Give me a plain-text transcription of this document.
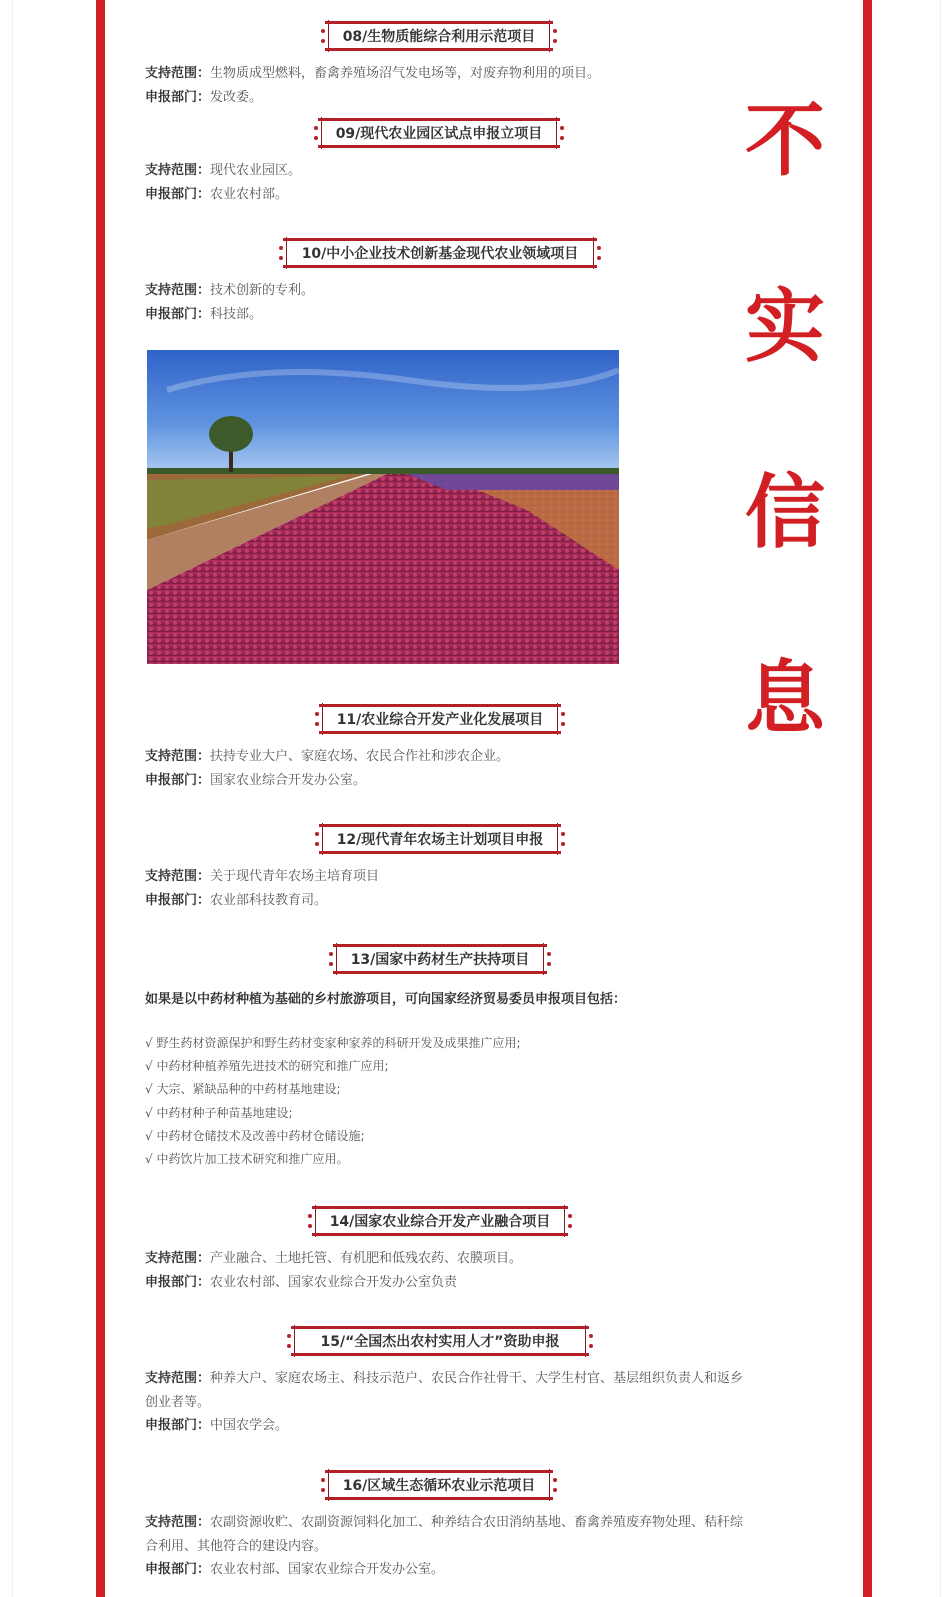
不
实
信
息
08/生物质能综合利用示范项目
支持范围：生物质成型燃料，畜禽养殖场沼气发电场等，对废弃物利用的项目。
申报部门：发改委。
09/现代农业园区试点申报立项目
支持范围：现代农业园区。
申报部门：农业农村部。
10/中小企业技术创新基金现代农业领域项目
支持范围：技术创新的专利。
申报部门：科技部。
11/农业综合开发产业化发展项目
支持范围：扶持专业大户、家庭农场、农民合作社和涉农企业。
申报部门：国家农业综合开发办公室。
12/现代青年农场主计划项目申报
支持范围：关于现代青年农场主培育项目
申报部门：农业部科技教育司。
13/国家中药材生产扶持项目
如果是以中药材种植为基础的乡村旅游项目，可向国家经济贸易委员申报项目包括：
√ 野生药材资源保护和野生药材变家种家养的科研开发及成果推广应用;
√ 中药材种植养殖先进技术的研究和推广应用;
√ 大宗、紧缺品种的中药材基地建设;
√ 中药材种子种苗基地建设;
√ 中药材仓储技术及改善中药材仓储设施;
√ 中药饮片加工技术研究和推广应用。
14/国家农业综合开发产业融合项目
支持范围：产业融合、土地托管、有机肥和低残农药、农膜项目。
申报部门：农业农村部、国家农业综合开发办公室负责
15/“全国杰出农村实用人才”资助申报
支持范围：种养大户、家庭农场主、科技示范户、农民合作社骨干、大学生村官、基层组织负责人和返乡创业者等。
申报部门：中国农学会。
16/区域生态循环农业示范项目
支持范围：农副资源收贮、农副资源饲料化加工、种养结合农田消纳基地、畜禽养殖废弃物处理、秸秆综合利用、其他符合的建设内容。
申报部门：农业农村部、国家农业综合开发办公室。
